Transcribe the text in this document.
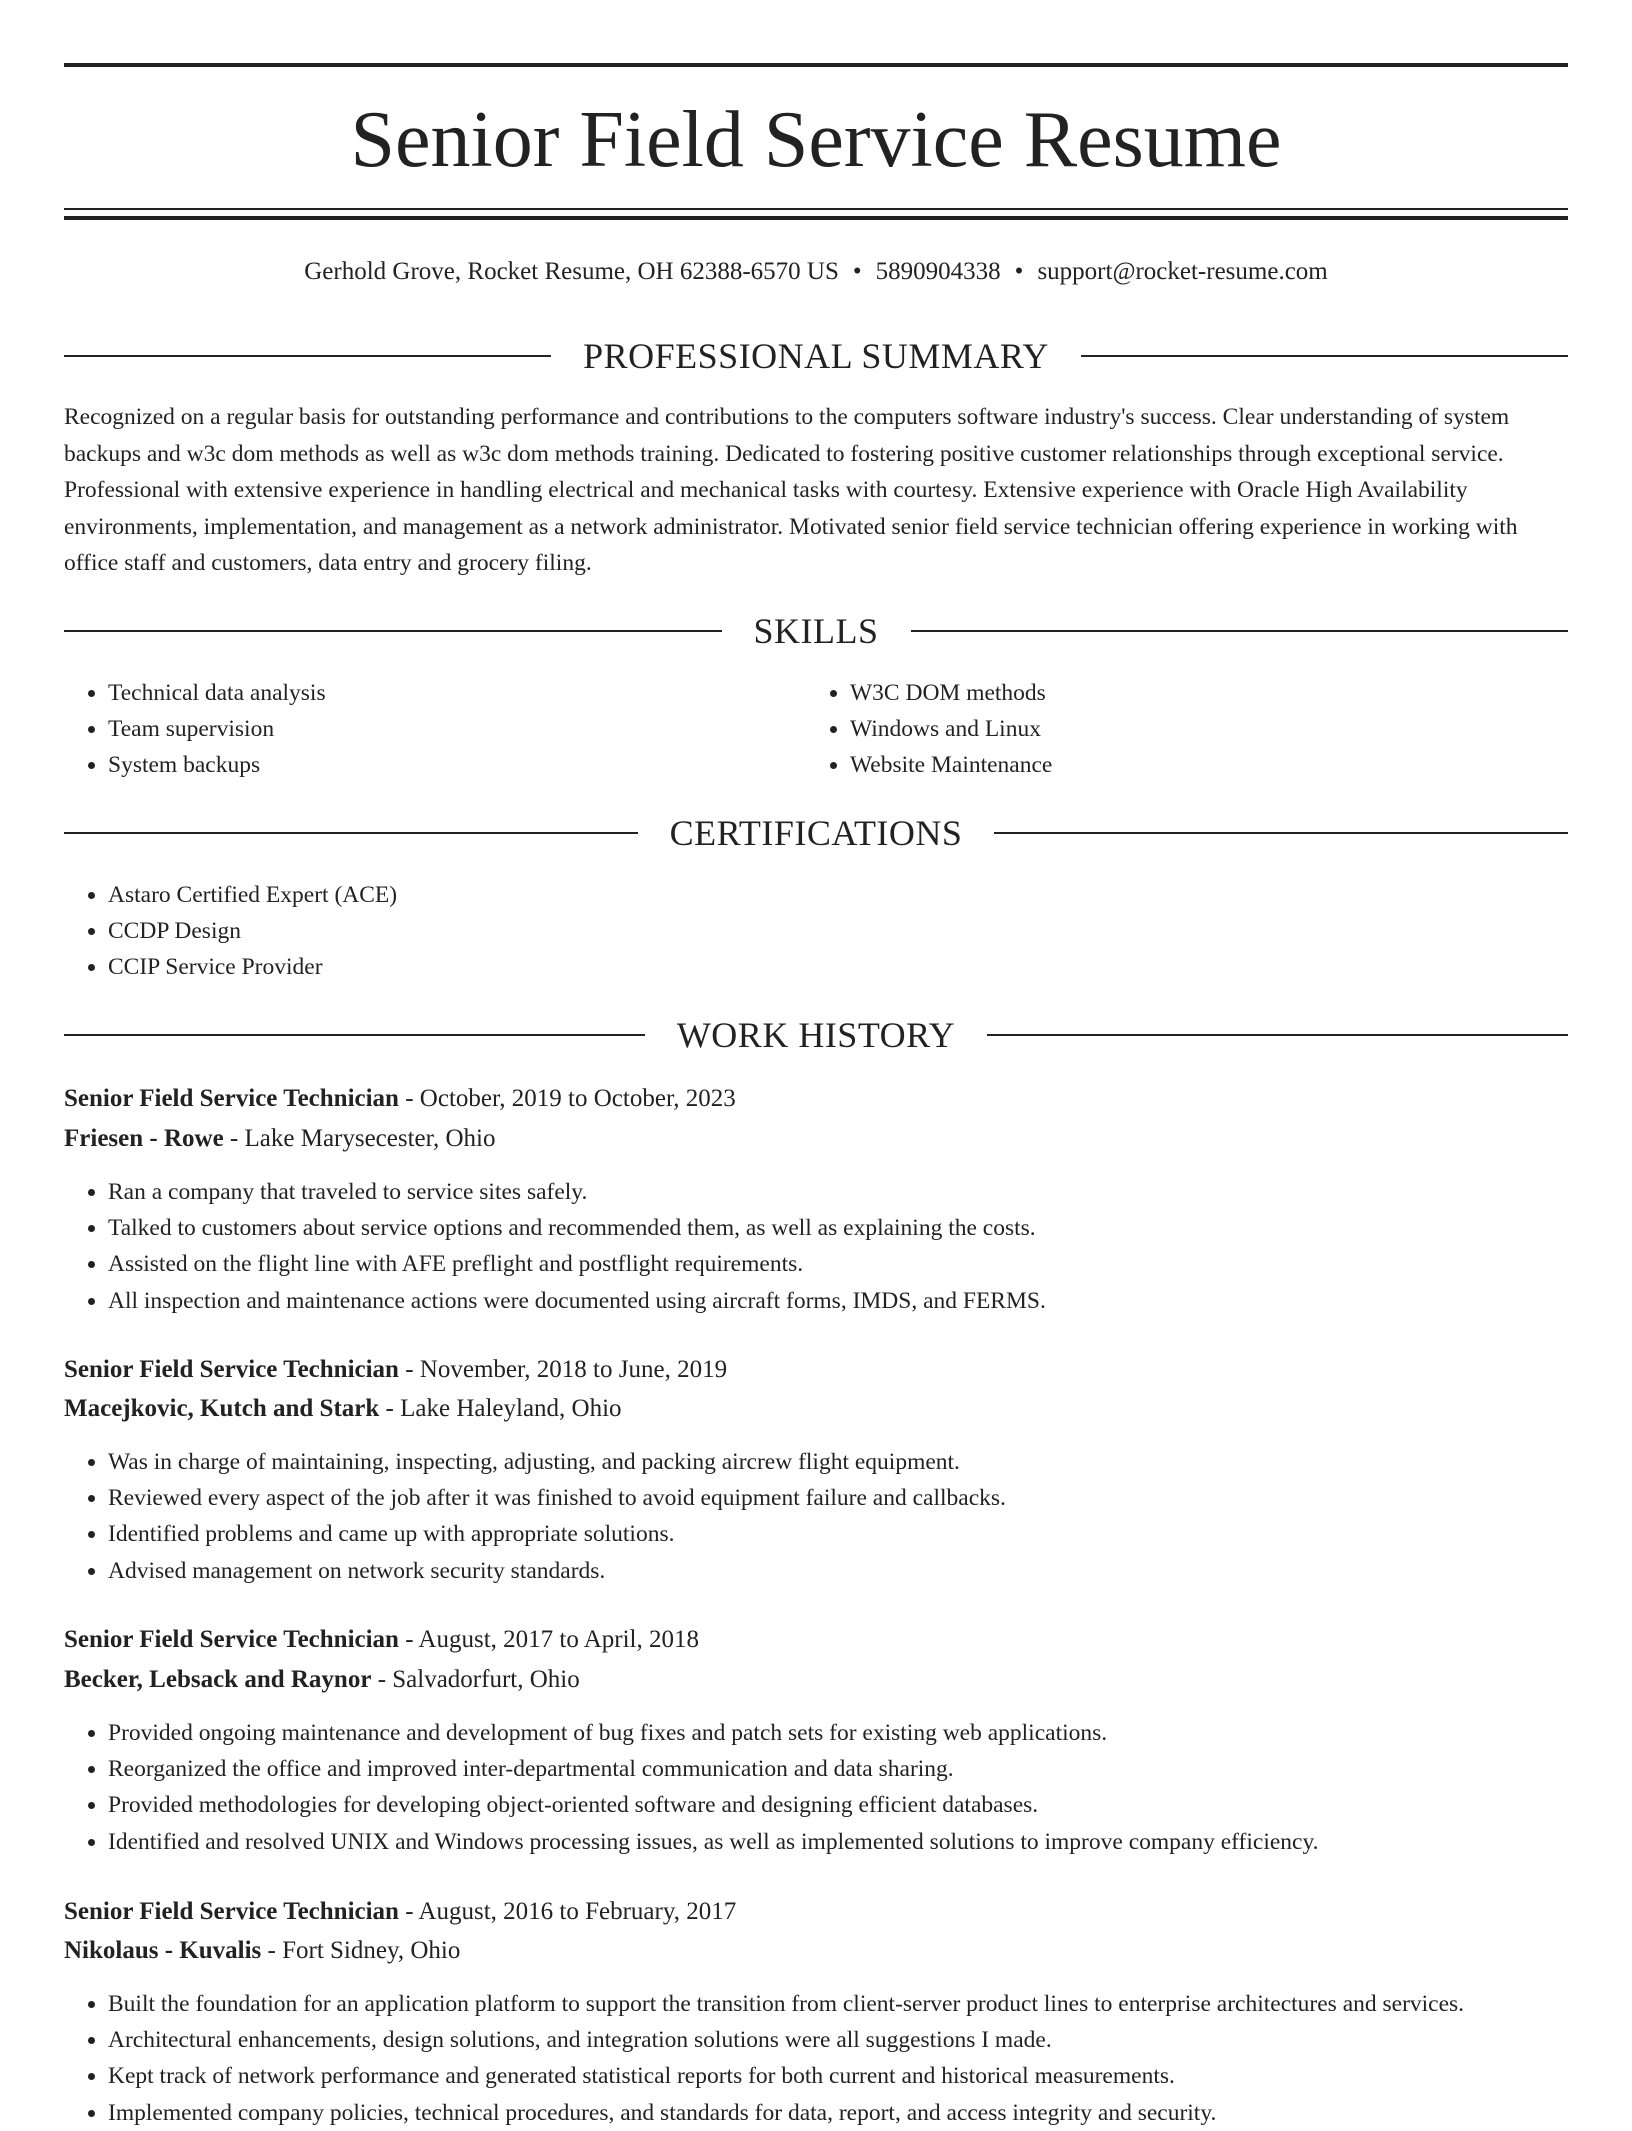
Senior Field Service Resume
Gerhold Grove, Rocket Resume, OH 62388-6570 US • 5890904338 • support@rocket-resume.com
PROFESSIONAL SUMMARY

Recognized on a regular basis for outstanding performance and contributions to the computers software industry's success. Clear understanding of system backups and w3c dom methods as well as w3c dom methods training. Dedicated to fostering positive customer relationships through exceptional service. Professional with extensive experience in handling electrical and mechanical tasks with courtesy. Extensive experience with Oracle High Availability environments, implementation, and management as a network administrator. Motivated senior field service technician offering experience in working with office staff and customers, data entry and grocery filing.

SKILLS
• Technical data analysis
• Team supervision
• System backups
• W3C DOM methods
• Windows and Linux
• Website Maintenance
CERTIFICATIONS
• Astaro Certified Expert (ACE)
• CCDP Design
• CCIP Service Provider
WORK HISTORY
Senior Field Service Technician - October, 2019 to October, 2023
Friesen - Rowe - Lake Marysecester, Ohio
• Ran a company that traveled to service sites safely.
• Talked to customers about service options and recommended them, as well as explaining the costs.
• Assisted on the flight line with AFE preflight and postflight requirements.
• All inspection and maintenance actions were documented using aircraft forms, IMDS, and FERMS.
Senior Field Service Technician - November, 2018 to June, 2019
Macejkovic, Kutch and Stark - Lake Haleyland, Ohio
• Was in charge of maintaining, inspecting, adjusting, and packing aircrew flight equipment.
• Reviewed every aspect of the job after it was finished to avoid equipment failure and callbacks.
• Identified problems and came up with appropriate solutions.
• Advised management on network security standards.
Senior Field Service Technician - August, 2017 to April, 2018
Becker, Lebsack and Raynor - Salvadorfurt, Ohio
• Provided ongoing maintenance and development of bug fixes and patch sets for existing web applications.
• Reorganized the office and improved inter-departmental communication and data sharing.
• Provided methodologies for developing object-oriented software and designing efficient databases.
• Identified and resolved UNIX and Windows processing issues, as well as implemented solutions to improve company efficiency.
Senior Field Service Technician - August, 2016 to February, 2017
Nikolaus - Kuvalis - Fort Sidney, Ohio
• Built the foundation for an application platform to support the transition from client-server product lines to enterprise architectures and services.
• Architectural enhancements, design solutions, and integration solutions were all suggestions I made.
• Kept track of network performance and generated statistical reports for both current and historical measurements.
• Implemented company policies, technical procedures, and standards for data, report, and access integrity and security.
